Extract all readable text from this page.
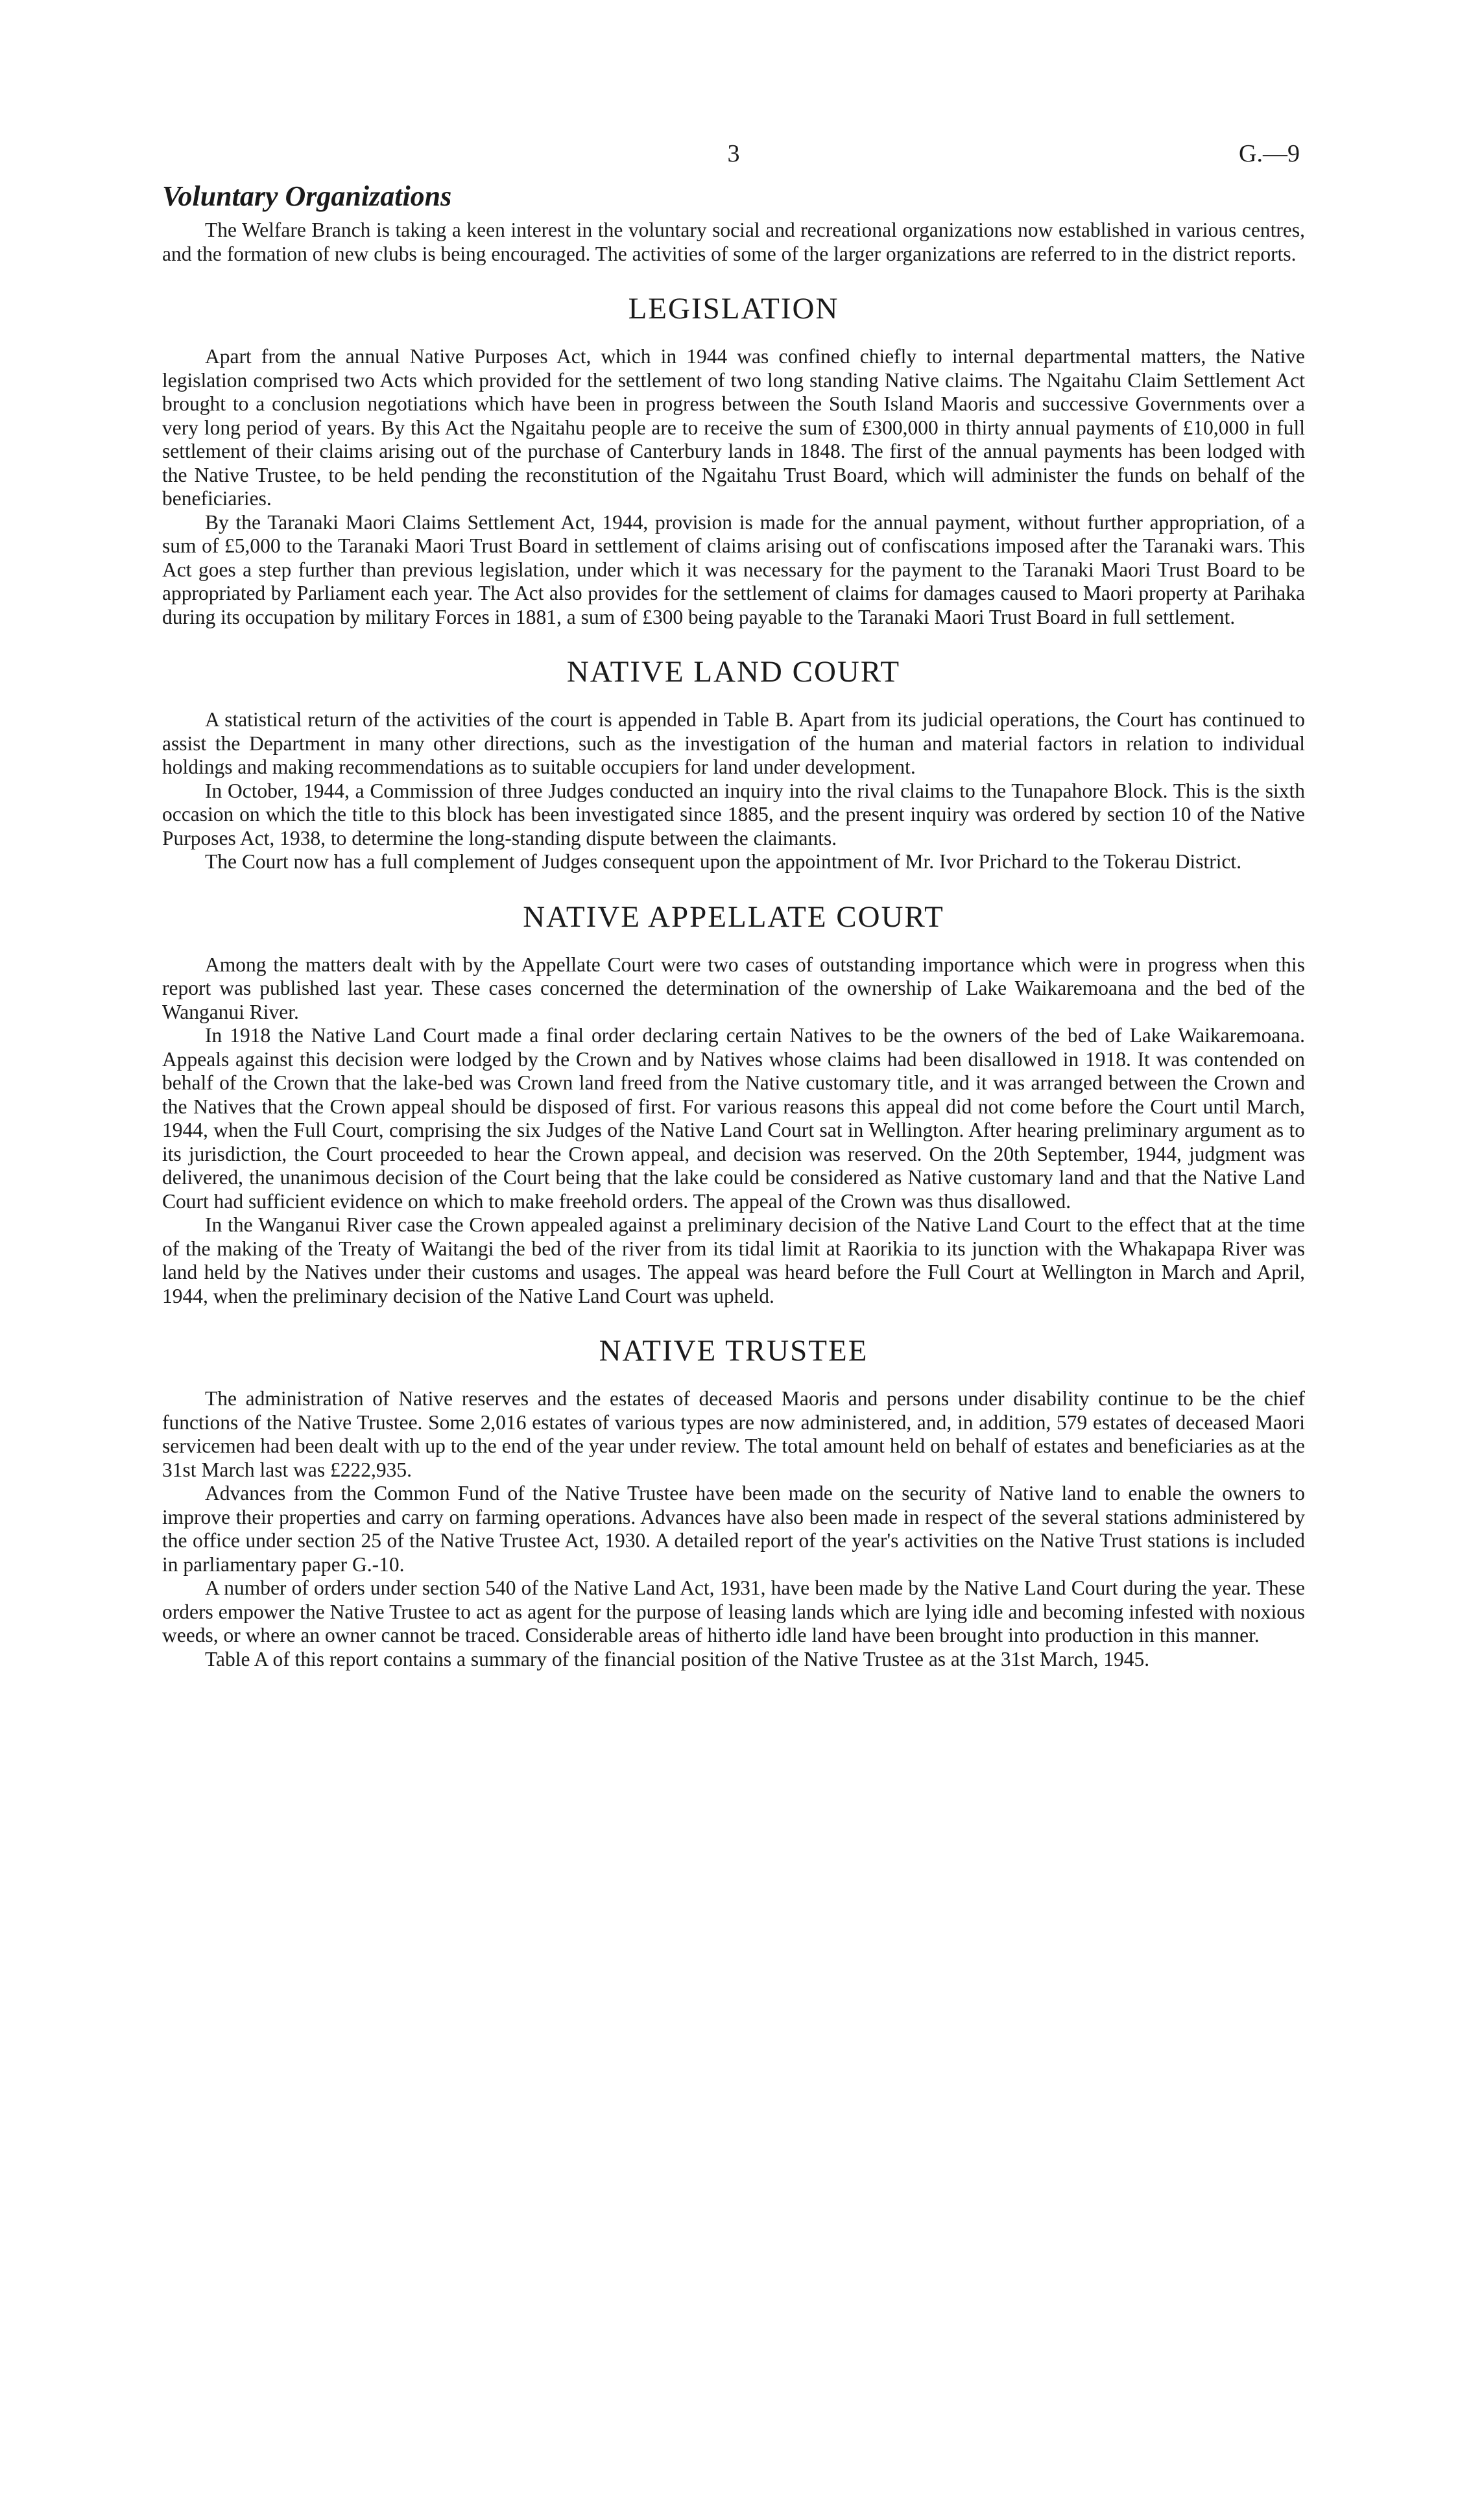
3	G.—9
Voluntary Organizations

The Welfare Branch is taking a keen interest in the voluntary social and recreational organizations now established in various centres, and the formation of new clubs is being encouraged. The activities of some of the larger organizations are referred to in the district reports.

LEGISLATION

Apart from the annual Native Purposes Act, which in 1944 was confined chiefly to internal departmental matters, the Native legislation comprised two Acts which provided for the settlement of two long standing Native claims. The Ngaitahu Claim Settlement Act brought to a conclusion negotiations which have been in progress between the South Island Maoris and successive Governments over a very long period of years. By this Act the Ngaitahu people are to receive the sum of £300,000 in thirty annual payments of £10,000 in full settlement of their claims arising out of the purchase of Canterbury lands in 1848. The first of the annual payments has been lodged with the Native Trustee, to be held pending the reconstitution of the Ngaitahu Trust Board, which will administer the funds on behalf of the beneficiaries.

By the Taranaki Maori Claims Settlement Act, 1944, provision is made for the annual payment, without further appropriation, of a sum of £5,000 to the Taranaki Maori Trust Board in settlement of claims arising out of confiscations imposed after the Taranaki wars. This Act goes a step further than previous legislation, under which it was necessary for the payment to the Taranaki Maori Trust Board to be appropriated by Parliament each year. The Act also provides for the settlement of claims for damages caused to Maori property at Parihaka during its occupation by military Forces in 1881, a sum of £300 being payable to the Taranaki Maori Trust Board in full settlement.

NATIVE LAND COURT

A statistical return of the activities of the court is appended in Table B. Apart from its judicial operations, the Court has continued to assist the Department in many other directions, such as the investigation of the human and material factors in relation to individual holdings and making recommendations as to suitable occupiers for land under development.

In October, 1944, a Commission of three Judges conducted an inquiry into the rival claims to the Tunapahore Block. This is the sixth occasion on which the title to this block has been investigated since 1885, and the present inquiry was ordered by section 10 of the Native Purposes Act, 1938, to determine the long-standing dispute between the claimants.

The Court now has a full complement of Judges consequent upon the appointment of Mr. Ivor Prichard to the Tokerau District.

NATIVE APPELLATE COURT

Among the matters dealt with by the Appellate Court were two cases of outstanding importance which were in progress when this report was published last year. These cases concerned the determination of the ownership of Lake Waikaremoana and the bed of the Wanganui River.

In 1918 the Native Land Court made a final order declaring certain Natives to be the owners of the bed of Lake Waikaremoana. Appeals against this decision were lodged by the Crown and by Natives whose claims had been disallowed in 1918. It was contended on behalf of the Crown that the lake-bed was Crown land freed from the Native customary title, and it was arranged between the Crown and the Natives that the Crown appeal should be disposed of first. For various reasons this appeal did not come before the Court until March, 1944, when the Full Court, comprising the six Judges of the Native Land Court sat in Wellington. After hearing preliminary argument as to its jurisdiction, the Court proceeded to hear the Crown appeal, and decision was reserved. On the 20th September, 1944, judgment was delivered, the unanimous decision of the Court being that the lake could be considered as Native customary land and that the Native Land Court had sufficient evidence on which to make freehold orders. The appeal of the Crown was thus disallowed.

In the Wanganui River case the Crown appealed against a preliminary decision of the Native Land Court to the effect that at the time of the making of the Treaty of Waitangi the bed of the river from its tidal limit at Raorikia to its junction with the Whakapapa River was land held by the Natives under their customs and usages. The appeal was heard before the Full Court at Wellington in March and April, 1944, when the preliminary decision of the Native Land Court was upheld.

NATIVE TRUSTEE

The administration of Native reserves and the estates of deceased Maoris and persons under disability continue to be the chief functions of the Native Trustee. Some 2,016 estates of various types are now administered, and, in addition, 579 estates of deceased Maori servicemen had been dealt with up to the end of the year under review. The total amount held on behalf of estates and beneficiaries as at the 31st March last was £222,935.

Advances from the Common Fund of the Native Trustee have been made on the security of Native land to enable the owners to improve their properties and carry on farming operations. Advances have also been made in respect of the several stations administered by the office under section 25 of the Native Trustee Act, 1930. A detailed report of the year's activities on the Native Trust stations is included in parliamentary paper G.-10.

A number of orders under section 540 of the Native Land Act, 1931, have been made by the Native Land Court during the year. These orders empower the Native Trustee to act as agent for the purpose of leasing lands which are lying idle and becoming infested with noxious weeds, or where an owner cannot be traced. Considerable areas of hitherto idle land have been brought into production in this manner.

Table A of this report contains a summary of the financial position of the Native Trustee as at the 31st March, 1945.
